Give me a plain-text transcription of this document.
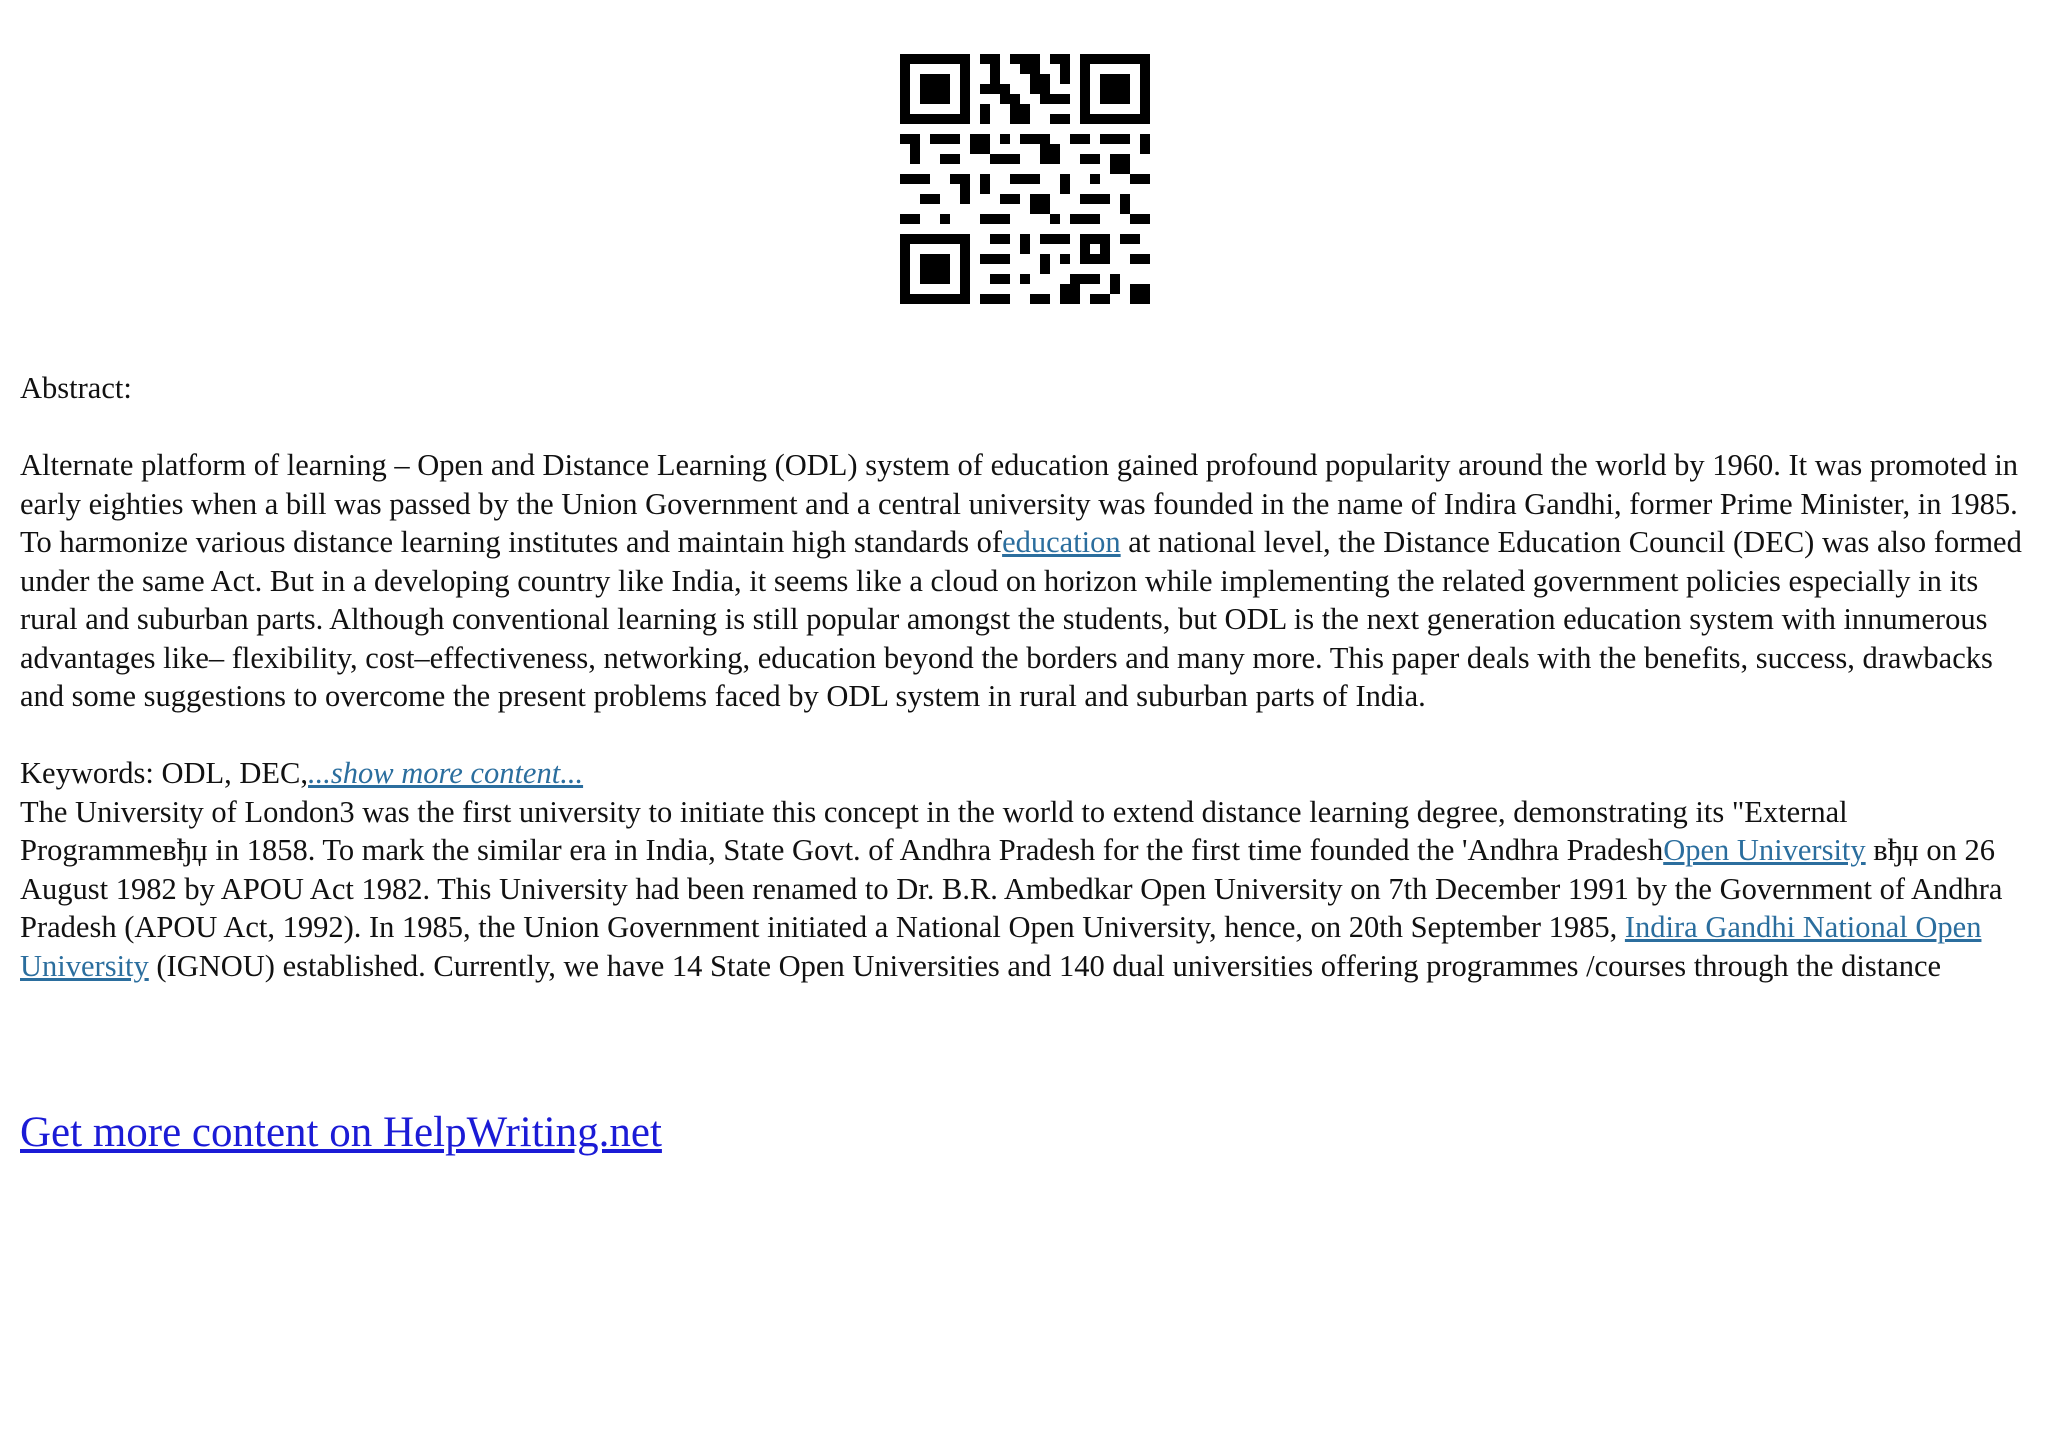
Abstract:

Alternate platform of learning – Open and Distance Learning (ODL) system of education gained profound popularity around the world by 1960. It was promoted in early eighties when a bill was passed by the Union Government and a central university was founded in the name of Indira Gandhi, former Prime Minister, in 1985. To harmonize various distance learning institutes and maintain high standards ofeducation at national level, the Distance Education Council (DEC) was also formed under the same Act. But in a developing country like India, it seems like a cloud on horizon while implementing the related government policies especially in its rural and suburban parts. Although conventional learning is still popular amongst the students, but ODL is the next generation education system with innumerous advantages like– flexibility, cost–effectiveness, networking, education beyond the borders and many more. This paper deals with the benefits, success, drawbacks and some suggestions to overcome the present problems faced by ODL system in rural and suburban parts of India.

Keywords: ODL, DEC,...show more content...

The University of London3 was the first university to initiate this concept in the world to extend distance learning degree, demonstrating its "External Programmeвђџ in 1858. To mark the similar era in India, State Govt. of Andhra Pradesh for the first time founded the 'Andhra PradeshOpen University вђџ on 26 August 1982 by APOU Act 1982. This University had been renamed to Dr. B.R. Ambedkar Open University on 7th December 1991 by the Government of Andhra Pradesh (APOU Act, 1992). In 1985, the Union Government initiated a National Open University, hence, on 20th September 1985, Indira Gandhi National Open University (IGNOU) established. Currently, we have 14 State Open Universities and 140 dual universities offering programmes /courses through the distance

Get more content on HelpWriting.net
